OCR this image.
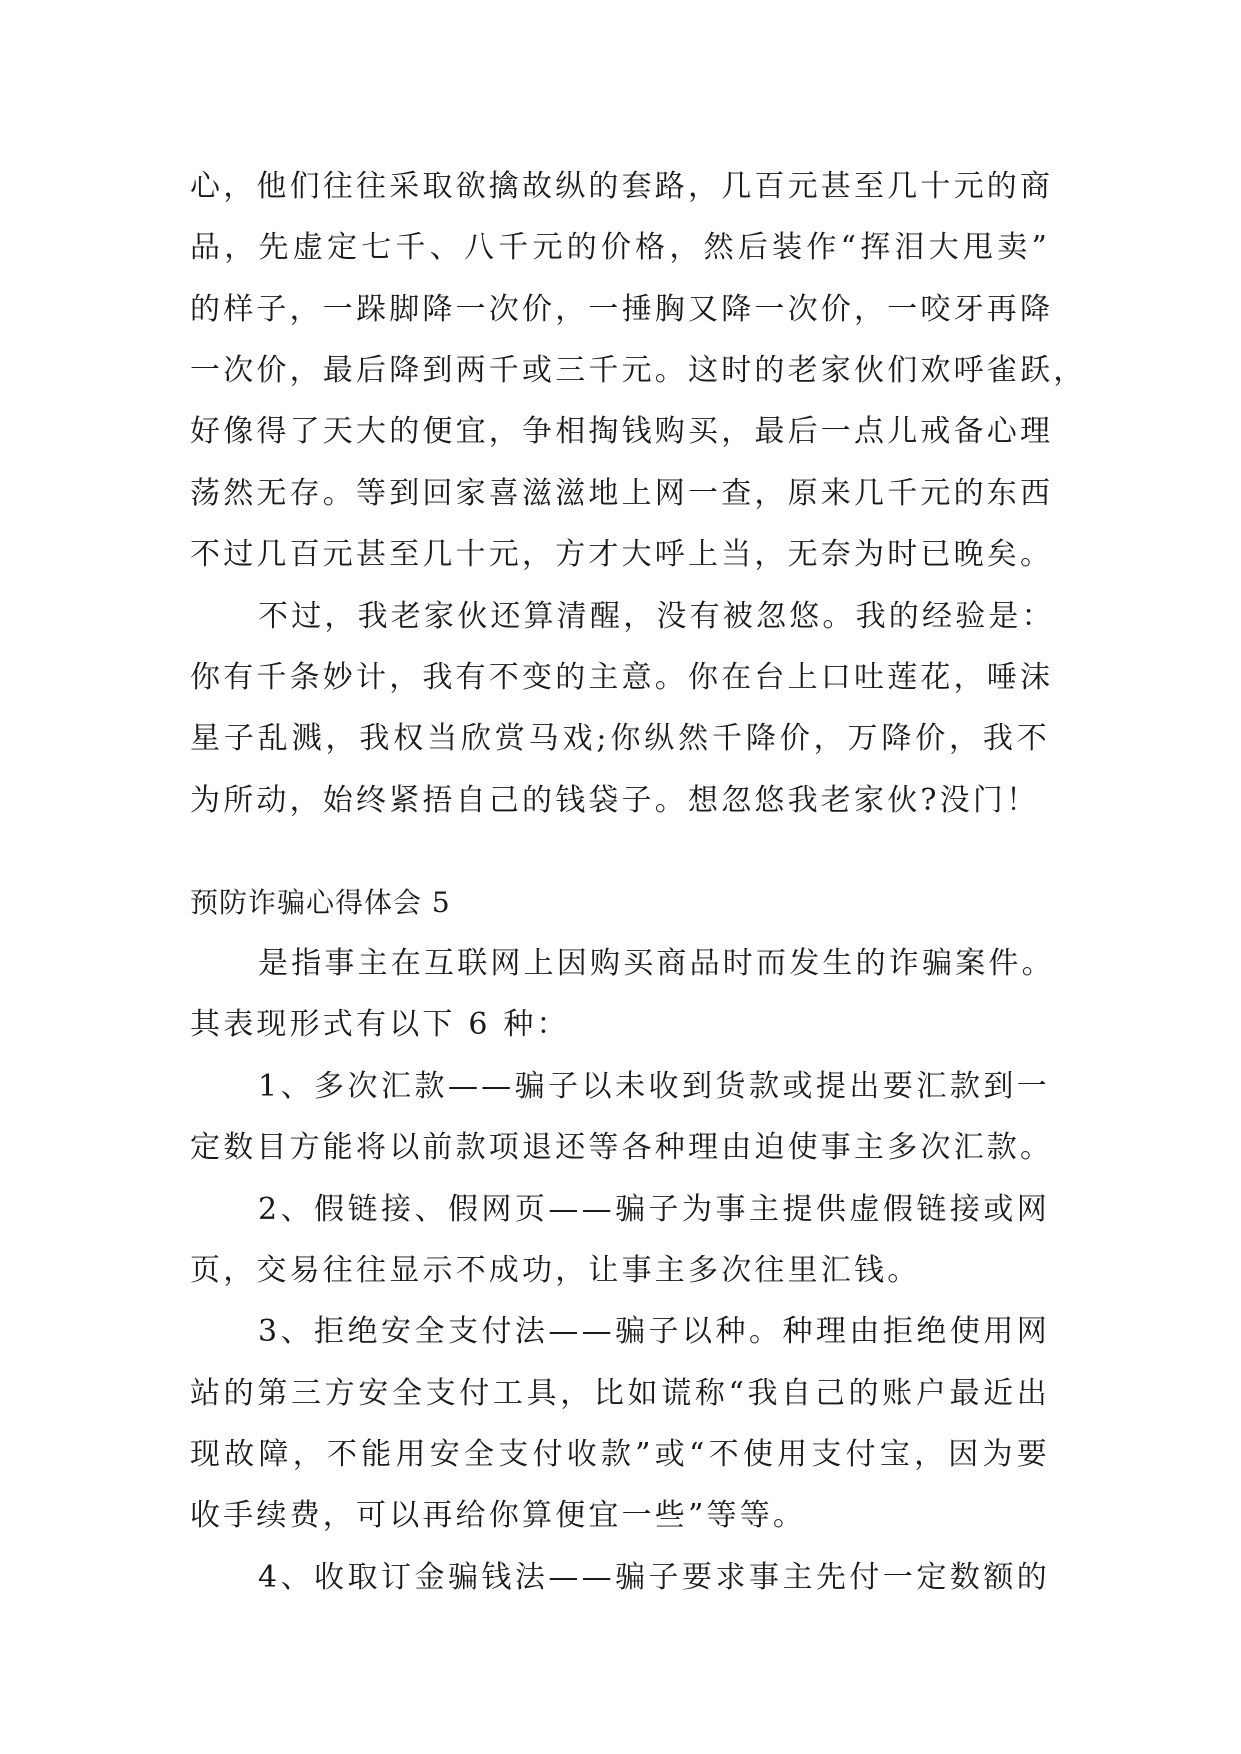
心，他们往往采取欲擒故纵的套路，几百元甚至几十元的商
品，先虚定七千、八千元的价格，然后装作“挥泪大甩卖”
的样子，一跺脚降一次价，一捶胸又降一次价，一咬牙再降
一次价，最后降到两千或三千元。这时的老家伙们欢呼雀跃，
好像得了天大的便宜，争相掏钱购买，最后一点儿戒备心理
荡然无存。等到回家喜滋滋地上网一查，原来几千元的东西
不过几百元甚至几十元，方才大呼上当，无奈为时已晚矣。
不过，我老家伙还算清醒，没有被忽悠。我的经验是：
你有千条妙计，我有不变的主意。你在台上口吐莲花，唾沫
星子乱溅，我权当欣赏马戏;你纵然千降价，万降价，我不
为所动，始终紧捂自己的钱袋子。想忽悠我老家伙?没门！
预防诈骗心得体会 5
是指事主在互联网上因购买商品时而发生的诈骗案件。
其表现形式有以下 6 种：
1、多次汇款——骗子以未收到货款或提出要汇款到一
定数目方能将以前款项退还等各种理由迫使事主多次汇款。
2、假链接、假网页——骗子为事主提供虚假链接或网
页，交易往往显示不成功，让事主多次往里汇钱。
3、拒绝安全支付法——骗子以种。种理由拒绝使用网
站的第三方安全支付工具，比如谎称“我自己的账户最近出
现故障，不能用安全支付收款”或“不使用支付宝，因为要
收手续费，可以再给你算便宜一些”等等。
4、收取订金骗钱法——骗子要求事主先付一定数额的
